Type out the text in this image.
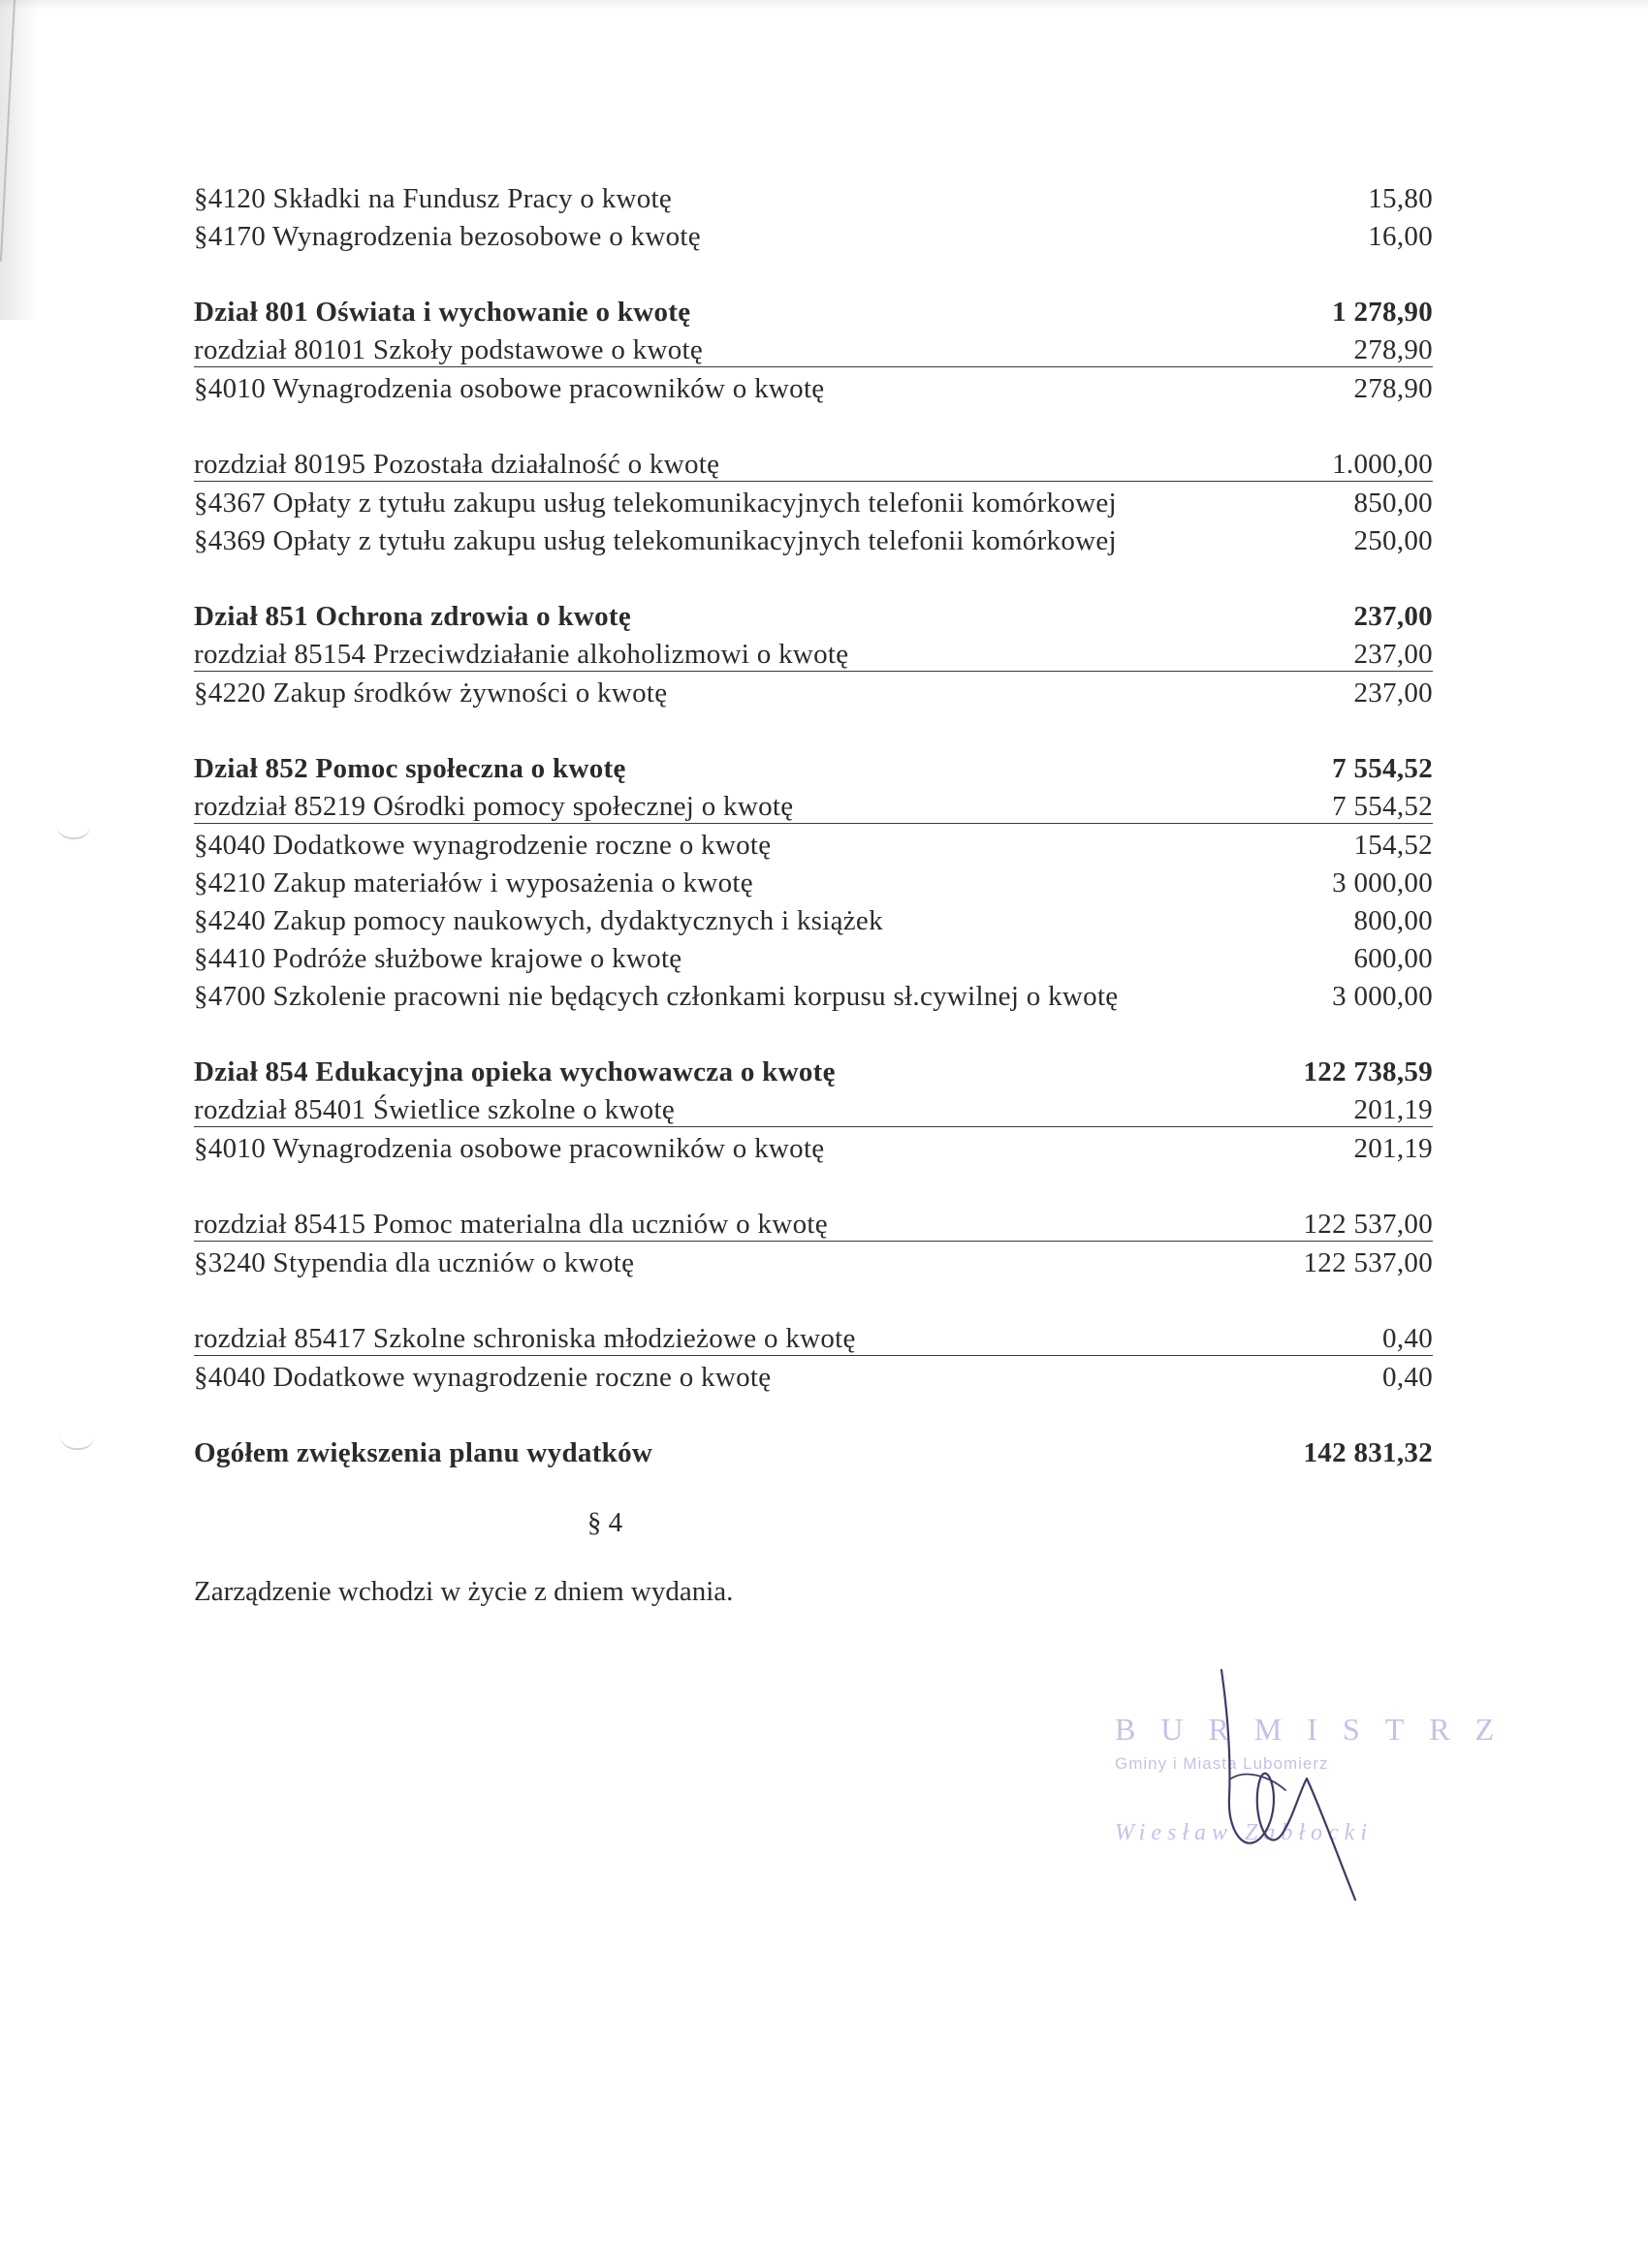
§4120 Składki na Fundusz Pracy o kwotę	15,80
§4170 Wynagrodzenia bezosobowe o kwotę	16,00
Dział 801 Oświata i wychowanie o kwotę	1 278,90
rozdział 80101 Szkoły podstawowe o kwotę	278,90
§4010 Wynagrodzenia osobowe pracowników o kwotę	278,90
rozdział 80195 Pozostała działalność o kwotę	1.000,00
§4367 Opłaty z tytułu zakupu usług telekomunikacyjnych telefonii komórkowej	850,00
§4369 Opłaty z tytułu zakupu usług telekomunikacyjnych telefonii komórkowej	250,00
Dział 851 Ochrona zdrowia o kwotę	237,00
rozdział 85154 Przeciwdziałanie alkoholizmowi o kwotę	237,00
§4220 Zakup środków żywności o kwotę	237,00
Dział 852 Pomoc społeczna o kwotę	7 554,52
rozdział 85219 Ośrodki pomocy społecznej o kwotę	7 554,52
§4040 Dodatkowe wynagrodzenie roczne o kwotę	154,52
§4210 Zakup materiałów i wyposażenia o kwotę	3 000,00
§4240 Zakup pomocy naukowych, dydaktycznych i książek	800,00
§4410 Podróże służbowe krajowe o kwotę	600,00
§4700 Szkolenie pracowni nie będących członkami korpusu sł.cywilnej o kwotę	3 000,00
Dział 854 Edukacyjna opieka wychowawcza o kwotę	122 738,59
rozdział 85401 Świetlice szkolne o kwotę	201,19
§4010 Wynagrodzenia osobowe pracowników o kwotę	201,19
rozdział 85415 Pomoc materialna dla uczniów o kwotę	122 537,00
§3240 Stypendia dla uczniów o kwotę	122 537,00
rozdział 85417 Szkolne schroniska młodzieżowe o kwotę	0,40
§4040 Dodatkowe wynagrodzenie roczne o kwotę	0,40
Ogółem zwiększenia planu wydatków	142 831,32
§ 4
Zarządzenie wchodzi w życie z dniem wydania.
BURMISTRZ
Gminy i Miasta Lubomierz
Wiesław Zabłocki
